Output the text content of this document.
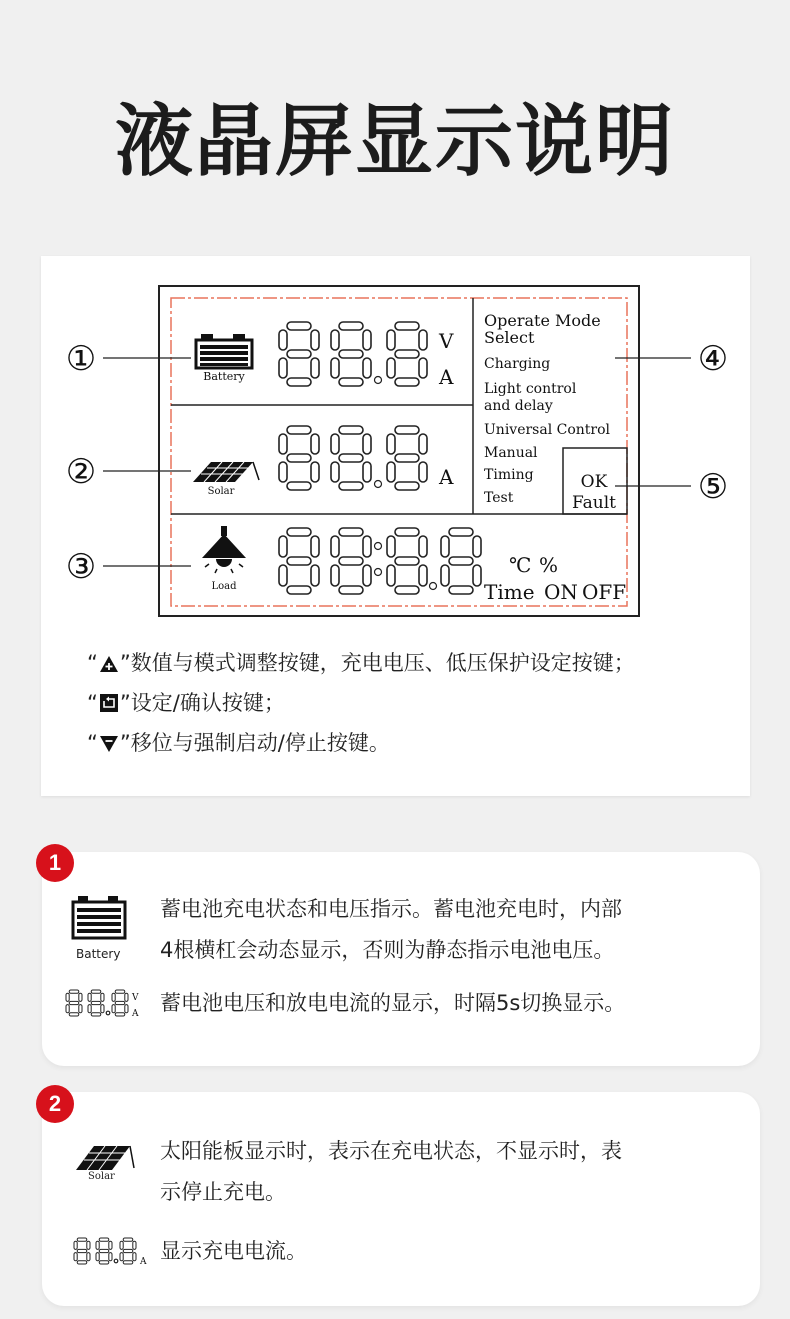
液晶屏显示说明
Battery
Solar
Load
V
A
A
℃ %
Time ON OFF
Operate Mode
Select
Charging
Light control
and delay
Universal Control
Manual
Timing
Test
OK
Fault
①
②
③
④
⑤
“ ”数值与模式调整按键，充电电压、低压保护设定按键；
“ ”设定/确认按键；
“ ”移位与强制启动/停止按键。
Battery
蓄电池充电状态和电压指示。蓄电池充电时，内部
4根横杠会动态显示，否则为静态指示电池电压。
V
A 蓄电池电压和放电电流的显示，时隔5s切换显示。
1
Solar
太阳能板显示时，表示在充电状态，不显示时，表
示停止充电。
A 显示充电电流。
2
